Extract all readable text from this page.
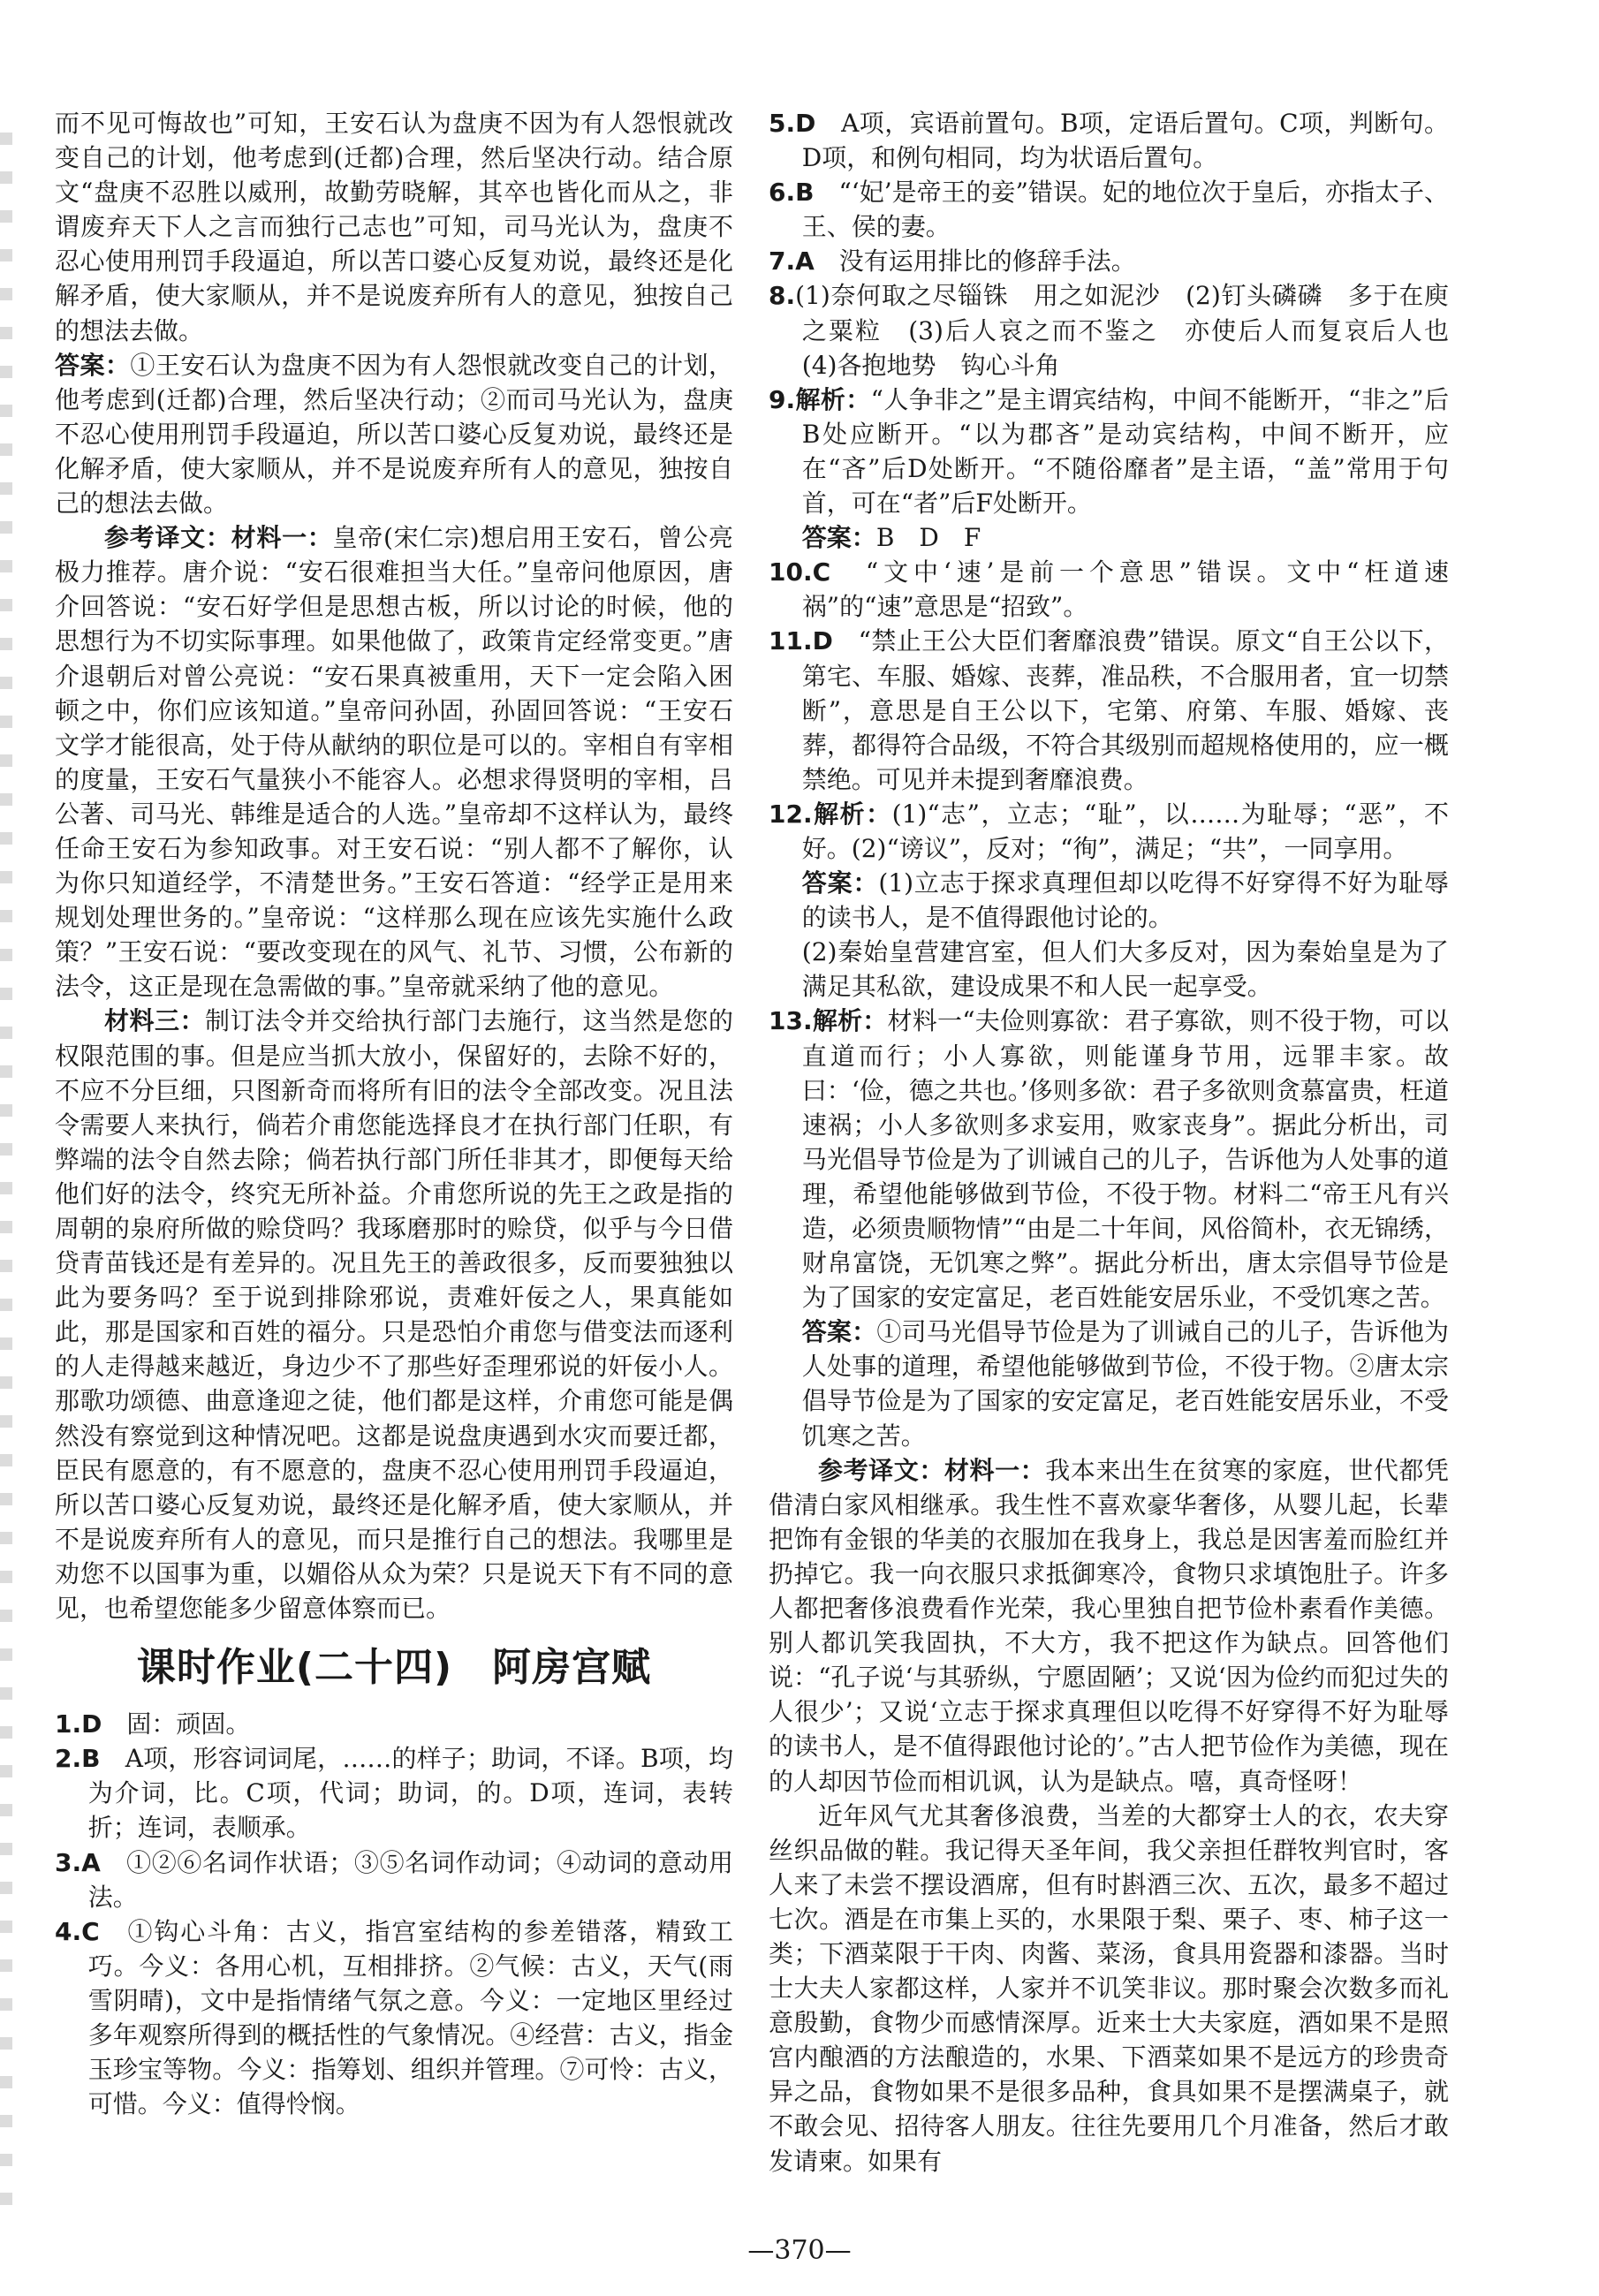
而不见可悔故也”可知，王安石认为盘庚不因为有人怨恨就改变自己的计划，他考虑到(迁都)合理，然后坚决行动。结合原文“盘庚不忍胜以威刑，故勤劳晓解，其卒也皆化而从之，非谓废弃天下人之言而独行己志也”可知，司马光认为，盘庚不忍心使用刑罚手段逼迫，所以苦口婆心反复劝说，最终还是化解矛盾，使大家顺从，并不是说废弃所有人的意见，独按自己的想法去做。

答案：①王安石认为盘庚不因为有人怨恨就改变自己的计划，他考虑到(迁都)合理，然后坚决行动；②而司马光认为，盘庚不忍心使用刑罚手段逼迫，所以苦口婆心反复劝说，最终还是化解矛盾，使大家顺从，并不是说废弃所有人的意见，独按自己的想法去做。

参考译文：材料一：皇帝(宋仁宗)想启用王安石，曾公亮极力推荐。唐介说：“安石很难担当大任。”皇帝问他原因，唐介回答说：“安石好学但是思想古板，所以讨论的时候，他的思想行为不切实际事理。如果他做了，政策肯定经常变更。”唐介退朝后对曾公亮说：“安石果真被重用，天下一定会陷入困顿之中，你们应该知道。”皇帝问孙固，孙固回答说：“王安石文学才能很高，处于侍从献纳的职位是可以的。宰相自有宰相的度量，王安石气量狭小不能容人。必想求得贤明的宰相，吕公著、司马光、韩维是适合的人选。”皇帝却不这样认为，最终任命王安石为参知政事。对王安石说：“别人都不了解你，认为你只知道经学，不清楚世务。”王安石答道：“经学正是用来规划处理世务的。”皇帝说：“这样那么现在应该先实施什么政策？”王安石说：“要改变现在的风气、礼节、习惯，公布新的法令，这正是现在急需做的事。”皇帝就采纳了他的意见。

材料三：制订法令并交给执行部门去施行，这当然是您的权限范围的事。但是应当抓大放小，保留好的，去除不好的，不应不分巨细，只图新奇而将所有旧的法令全部改变。况且法令需要人来执行，倘若介甫您能选择良才在执行部门任职，有弊端的法令自然去除；倘若执行部门所任非其才，即便每天给他们好的法令，终究无所补益。介甫您所说的先王之政是指的周朝的泉府所做的赊贷吗？我琢磨那时的赊贷，似乎与今日借贷青苗钱还是有差异的。况且先王的善政很多，反而要独独以此为要务吗？至于说到排除邪说，责难奸佞之人，果真能如此，那是国家和百姓的福分。只是恐怕介甫您与借变法而逐利的人走得越来越近，身边少不了那些好歪理邪说的奸佞小人。那歌功颂德、曲意逢迎之徒，他们都是这样，介甫您可能是偶然没有察觉到这种情况吧。这都是说盘庚遇到水灾而要迁都，臣民有愿意的，有不愿意的，盘庚不忍心使用刑罚手段逼迫，所以苦口婆心反复劝说，最终还是化解矛盾，使大家顺从，并不是说废弃所有人的意见，而只是推行自己的想法。我哪里是劝您不以国事为重，以媚俗从众为荣？只是说天下有不同的意见，也希望您能多少留意体察而已。

课时作业(二十四)　阿房宫赋

1.D　固：顽固。

2.B　A项，形容词词尾，……的样子；助词，不译。B项，均为介词，比。C项，代词；助词，的。D项，连词，表转折；连词，表顺承。

3.A　①②⑥名词作状语；③⑤名词作动词；④动词的意动用法。

4.C　①钩心斗角：古义，指宫室结构的参差错落，精致工巧。今义：各用心机，互相排挤。②气候：古义，天气(雨雪阴晴)，文中是指情绪气氛之意。今义：一定地区里经过多年观察所得到的概括性的气象情况。④经营：古义，指金玉珍宝等物。今义：指筹划、组织并管理。⑦可怜：古义，可惜。今义：值得怜悯。

5.D　A项，宾语前置句。B项，定语后置句。C项，判断句。D项，和例句相同，均为状语后置句。

6.B　“‘妃’是帝王的妾”错误。妃的地位次于皇后，亦指太子、王、侯的妻。

7.A　没有运用排比的修辞手法。

8.(1)奈何取之尽锱铢　用之如泥沙　(2)钉头磷磷　多于在庾之粟粒　(3)后人哀之而不鉴之　亦使后人而复哀后人也　(4)各抱地势　钩心斗角

9.解析：“人争非之”是主谓宾结构，中间不能断开，“非之”后B处应断开。“以为郡吝”是动宾结构，中间不断开，应在“吝”后D处断开。“不随俗靡者”是主语，“盖”常用于句首，可在“者”后F处断开。

答案：B　D　F

10.C　“文中‘速’是前一个意思”错误。文中“枉道速祸”的“速”意思是“招致”。

11.D　“禁止王公大臣们奢靡浪费”错误。原文“自王公以下，第宅、车服、婚嫁、丧葬，准品秩，不合服用者，宜一切禁断”，意思是自王公以下，宅第、府第、车服、婚嫁、丧葬，都得符合品级，不符合其级别而超规格使用的，应一概禁绝。可见并未提到奢靡浪费。

12.解析：(1)“志”，立志；“耻”，以……为耻辱；“恶”，不好。(2)“谤议”，反对；“徇”，满足；“共”，一同享用。

答案：(1)立志于探求真理但却以吃得不好穿得不好为耻辱的读书人，是不值得跟他讨论的。

(2)秦始皇营建宫室，但人们大多反对，因为秦始皇是为了满足其私欲，建设成果不和人民一起享受。

13.解析：材料一“夫俭则寡欲：君子寡欲，则不役于物，可以直道而行；小人寡欲，则能谨身节用，远罪丰家。故曰：‘俭，德之共也。’侈则多欲：君子多欲则贪慕富贵，枉道速祸；小人多欲则多求妄用，败家丧身”。据此分析出，司马光倡导节俭是为了训诫自己的儿子，告诉他为人处事的道理，希望他能够做到节俭，不役于物。材料二“帝王凡有兴造，必须贵顺物情”“由是二十年间，风俗简朴，衣无锦绣，财帛富饶，无饥寒之弊”。据此分析出，唐太宗倡导节俭是为了国家的安定富足，老百姓能安居乐业，不受饥寒之苦。

答案：①司马光倡导节俭是为了训诫自己的儿子，告诉他为人处事的道理，希望他能够做到节俭，不役于物。②唐太宗倡导节俭是为了国家的安定富足，老百姓能安居乐业，不受饥寒之苦。

参考译文：材料一：我本来出生在贫寒的家庭，世代都凭借清白家风相继承。我生性不喜欢豪华奢侈，从婴儿起，长辈把饰有金银的华美的衣服加在我身上，我总是因害羞而脸红并扔掉它。我一向衣服只求抵御寒冷，食物只求填饱肚子。许多人都把奢侈浪费看作光荣，我心里独自把节俭朴素看作美德。别人都讥笑我固执，不大方，我不把这作为缺点。回答他们说：“孔子说‘与其骄纵，宁愿固陋’；又说‘因为俭约而犯过失的人很少’；又说‘立志于探求真理但以吃得不好穿得不好为耻辱的读书人，是不值得跟他讨论的’。”古人把节俭作为美德，现在的人却因节俭而相讥讽，认为是缺点。嘻，真奇怪呀！

近年风气尤其奢侈浪费，当差的大都穿士人的衣，农夫穿丝织品做的鞋。我记得天圣年间，我父亲担任群牧判官时，客人来了未尝不摆设酒席，但有时斟酒三次、五次，最多不超过七次。酒是在市集上买的，水果限于梨、栗子、枣、柿子这一类；下酒菜限于干肉、肉酱、菜汤，食具用瓷器和漆器。当时士大夫人家都这样，人家并不讥笑非议。那时聚会次数多而礼意殷勤，食物少而感情深厚。近来士大夫家庭，酒如果不是照宫内酿酒的方法酿造的，水果、下酒菜如果不是远方的珍贵奇异之品，食物如果不是很多品种，食具如果不是摆满桌子，就不敢会见、招待客人朋友。往往先要用几个月准备，然后才敢发请柬。如果有

—370—
